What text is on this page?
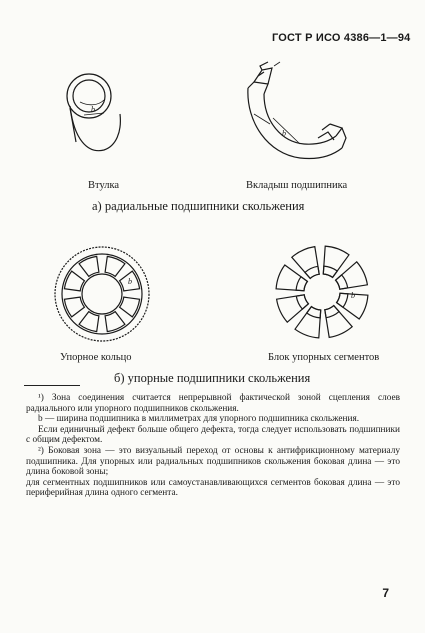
ГОСТ Р ИСО 4386—1—94
b
b
Втулка	Вкладыш подшипника
а) радиальные подшипники скольжения
b
b
Упорное кольцо	Блок упорных сегментов
б) упорные подшипники скольжения

¹) Зона соединения считается непрерывной фактической зоной сцепления слоев радиального или упорного подшипников скольжения.

b — ширина подшипника в миллиметрах для упорного подшипника скольжения.

Если единичный дефект больше общего дефекта, тогда следует использовать подшипники с общим дефектом.

²) Боковая зона — это визуальный переход от основы к антифрикционному материалу подшипника. Для упорных или радиальных подшипников скольжения боковая длина — это длина боковой зоны;

для сегментных подшипников или самоустанавливающихся сегментов боковая длина — это периферийная длина одного сегмента.

7
